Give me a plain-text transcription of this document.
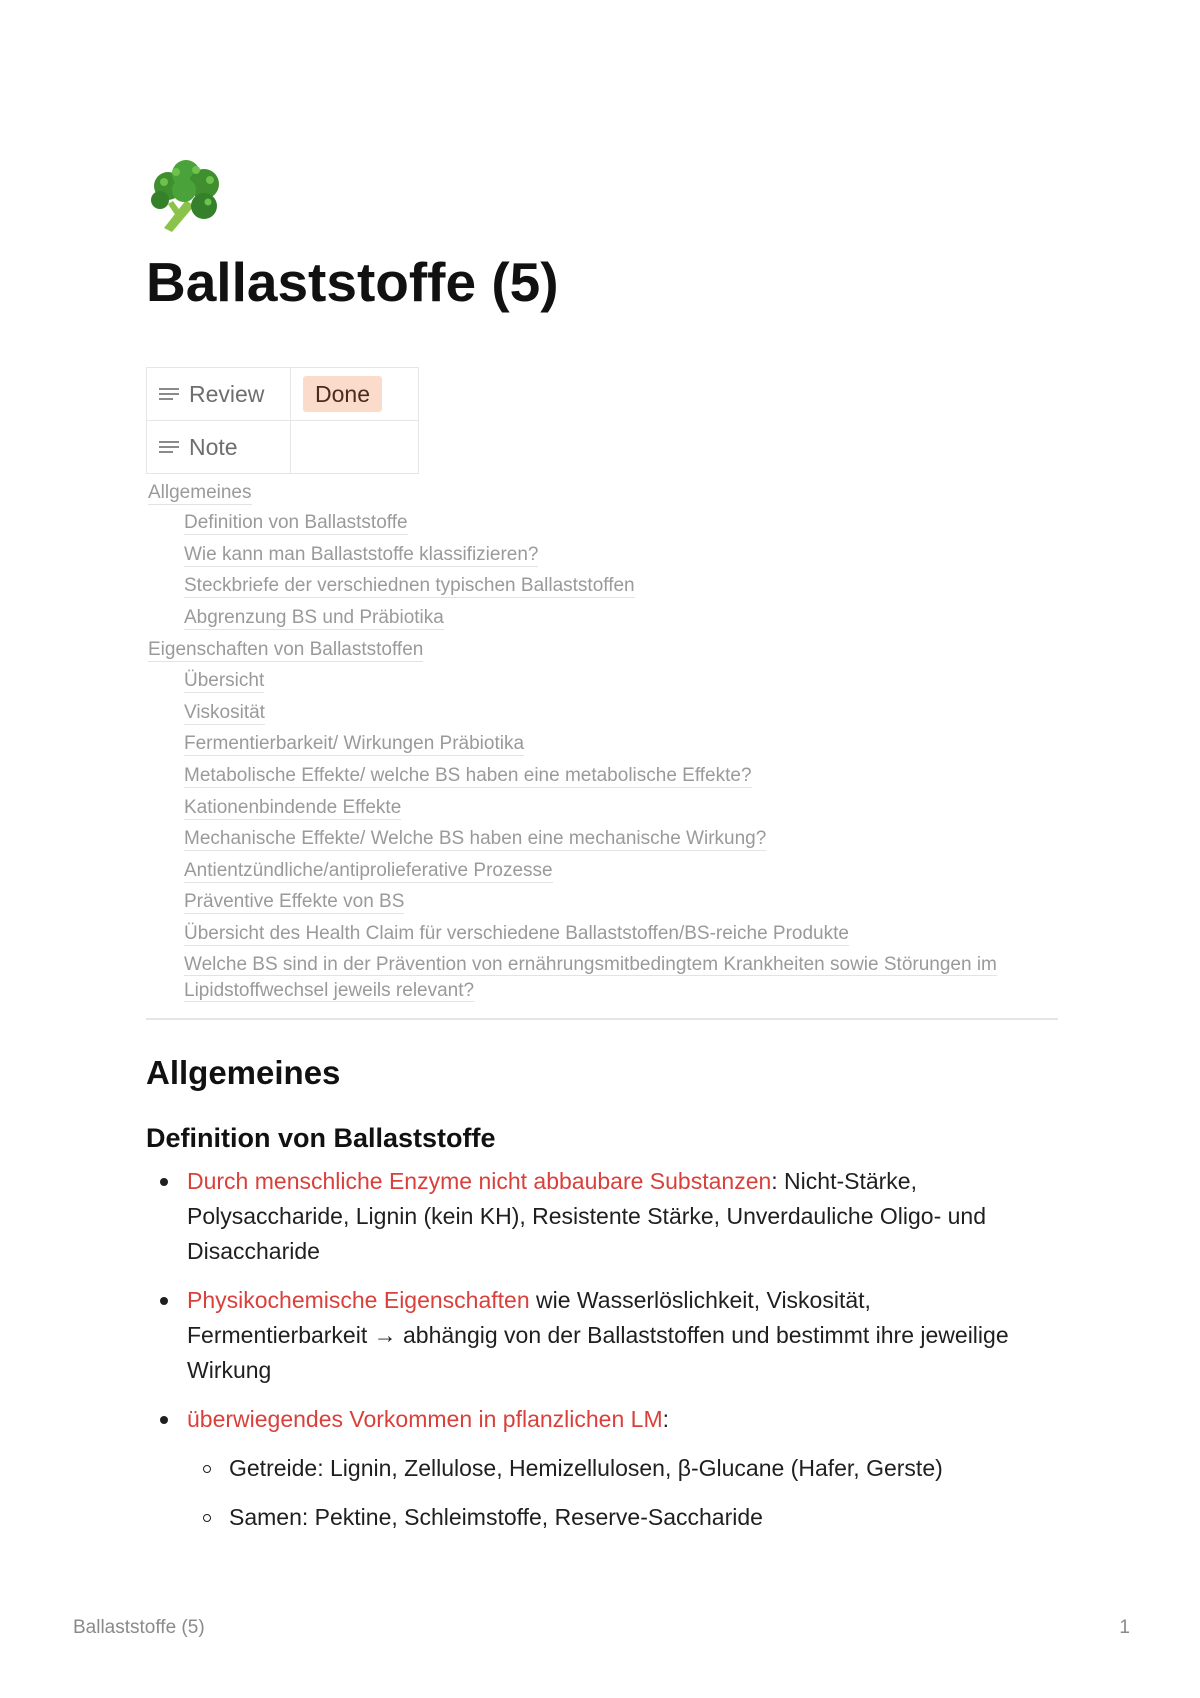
Ballaststoffe (5)
Review	Done
Note	
Allgemeines
Definition von Ballaststoffe
Wie kann man Ballaststoffe klassifizieren?
Steckbriefe der verschiednen typischen Ballaststoffen
Abgrenzung BS und Präbiotika
Eigenschaften von Ballaststoffen
Übersicht
Viskosität
Fermentierbarkeit/ Wirkungen Präbiotika
Metabolische Effekte/ welche BS haben eine metabolische Effekte?
Kationenbindende Effekte
Mechanische Effekte/ Welche BS haben eine mechanische Wirkung?
Antientzündliche/antiprolieferative Prozesse
Präventive Effekte von BS
Übersicht des Health Claim für verschiedene Ballaststoffen/BS-reiche Produkte
Welche BS sind in der Prävention von ernährungsmitbedingtem Krankheiten sowie Störungen im Lipidstoffwechsel jeweils relevant?
Allgemeines
Definition von Ballaststoffe
Durch menschliche Enzyme nicht abbaubare Substanzen: Nicht-Stärke, Polysaccharide, Lignin (kein KH), Resistente Stärke, Unverdauliche Oligo- und Disaccharide
Physikochemische Eigenschaften wie Wasserlöslichkeit, Viskosität, Fermentierbarkeit → abhängig von der Ballaststoffen und bestimmt ihre jeweilige Wirkung
überwiegendes Vorkommen in pflanzlichen LM:
Getreide: Lignin, Zellulose, Hemizellulosen, β-Glucane (Hafer, Gerste)
Samen: Pektine, Schleimstoffe, Reserve-Saccharide
Ballaststoffe (5)	1
